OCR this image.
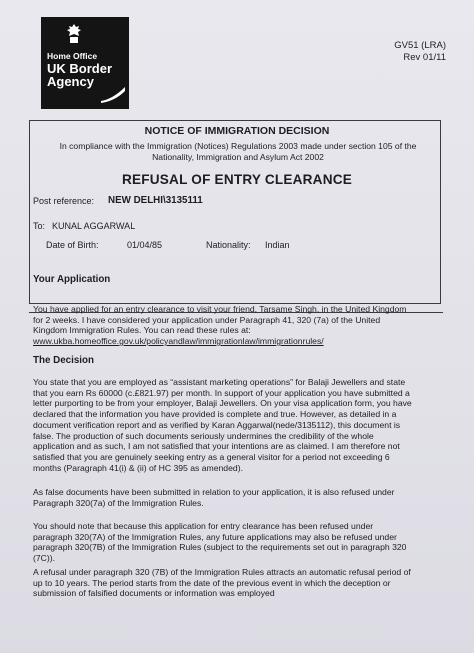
Home Office
UK Border
Agency
GV51 (LRA)
Rev 01/11
NOTICE OF IMMIGRATION DECISION
In compliance with the Immigration (Notices) Regulations 2003 made under section 105 of the
Nationality, Immigration and Asylum Act 2002
REFUSAL OF ENTRY CLEARANCE
Post reference: NEW DELHI\3135111
To: KUNAL AGGARWAL
Date of Birth:	01/04/85	Nationality: Indian
Your Application
You have applied for an entry clearance to visit your friend, Tarsame Singh, in the United Kingdom
for 2 weeks. I have considered your application under Paragraph 41, 320 (7a) of the United
Kingdom Immigration Rules. You can read these rules at:
www.ukba.homeoffice.gov.uk/policyandlaw/immigrationlaw/immigrationrules/
The Decision
You state that you are employed as “assistant marketing operations” for Balaji Jewellers and state
that you earn Rs 60000 (c.£821.97) per month. In support of your application you have submitted a
letter purporting to be from your employer, Balaji Jewellers. On your visa application form, you have
declared that the information you have provided is complete and true. However, as detailed in a
document verification report and as verified by Karan Aggarwal(nede/3135112), this document is
false. The production of such documents seriously undermines the credibility of the whole
application and as such, I am not satisfied that your intentions are as claimed. I am therefore not
satisfied that you are genuinely seeking entry as a general visitor for a period not exceeding 6
months (Paragraph 41(i) & (ii) of HC 395 as amended).
As false documents have been submitted in relation to your application, it is also refused under
Paragraph 320(7a) of the Immigration Rules.
You should note that because this application for entry clearance has been refused under
paragraph 320(7A) of the Immigration Rules, any future applications may also be refused under
paragraph 320(7B) of the Immigration Rules (subject to the requirements set out in paragraph 320
(7C)).
A refusal under paragraph 320 (7B) of the Immigration Rules attracts an automatic refusal period of
up to 10 years. The period starts from the date of the previous event in which the deception or
submission of falsified documents or information was employed
